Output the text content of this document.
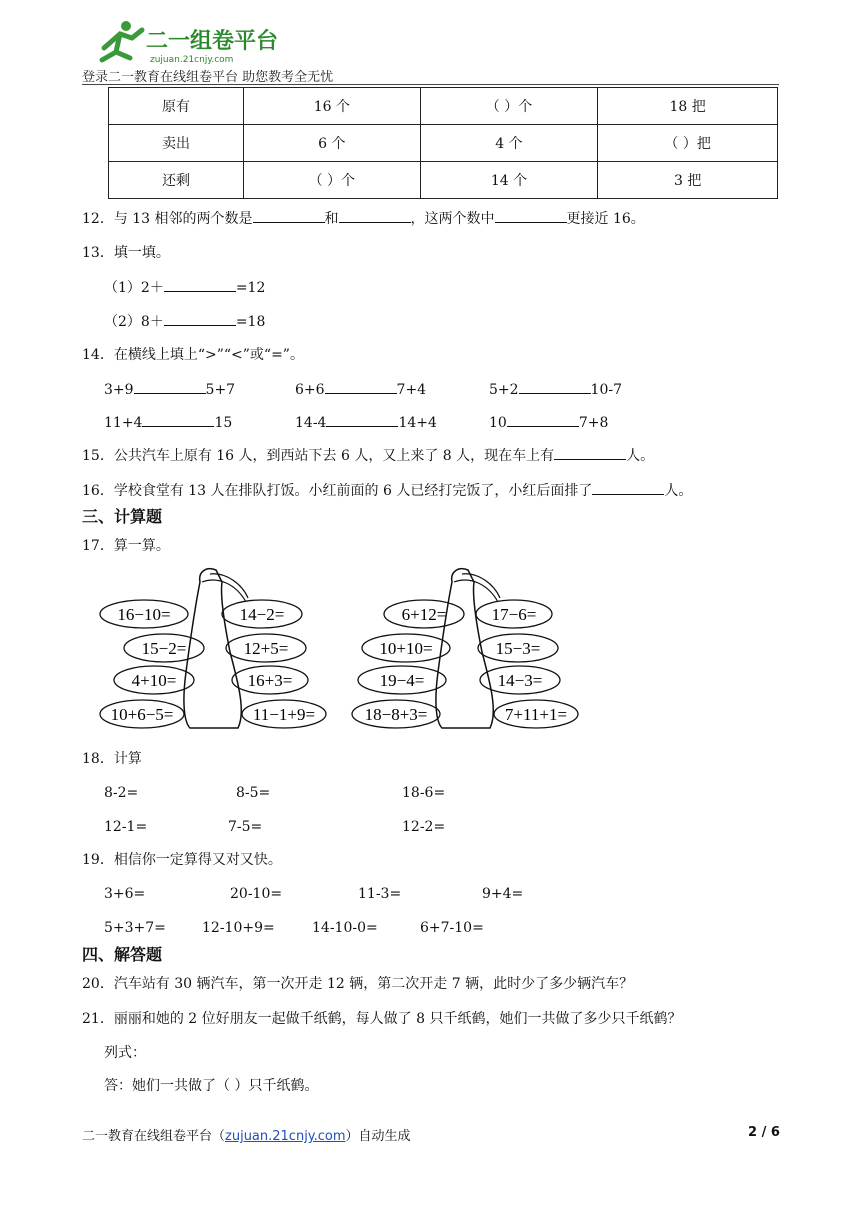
二一组卷平台
zujuan.21cnjy.com
登录二一教育在线组卷平台 助您教考全无忧
原有	16 个	（ ）个	18 把
卖出	6 个	4 个	（ ）把
还剩	（ ）个	14 个	3 把
12．与 13 相邻的两个数是	和	，这两个数中	更接近 16。
13．填一填。
（1）2＋	=12
（2）8＋	=18
14．在横线上填上“>”“<”或“=”。
3+9	5+7	6+6	7+4	5+2	10-7
11+4	15	14-4	14+4	10	7+8
15．公共汽车上原有 16 人，到西站下去 6 人，又上来了 8 人，现在车上有	人。
16．学校食堂有 13 人在排队打饭。小红前面的 6 人已经打完饭了，小红后面排了	人。
三、计算题
17．算一算。
16−10=	14−2=
15−2=	12+5=
4+10=	16+3=
10+6−5=	11−1+9=
6+12=	17−6=
10+10=	15−3=
19−4=	14−3=
18−8+3=	7+11+1=
18．计算
8-2=	8-5=	18-6=
12-1=	7-5=	12-2=
19．相信你一定算得又对又快。
3+6=	20-10=	11-3=	9+4=
5+3+7=	12-10+9=	14-10-0=	6+7-10=
四、解答题
20．汽车站有 30 辆汽车，第一次开走 12 辆，第二次开走 7 辆，此时少了多少辆汽车？
21．丽丽和她的 2 位好朋友一起做千纸鹤，每人做了 8 只千纸鹤，她们一共做了多少只千纸鹤？
列式：
答：她们一共做了（ ）只千纸鹤。
二一教育在线组卷平台（zujuan.21cnjy.com）自动生成	2 / 6
